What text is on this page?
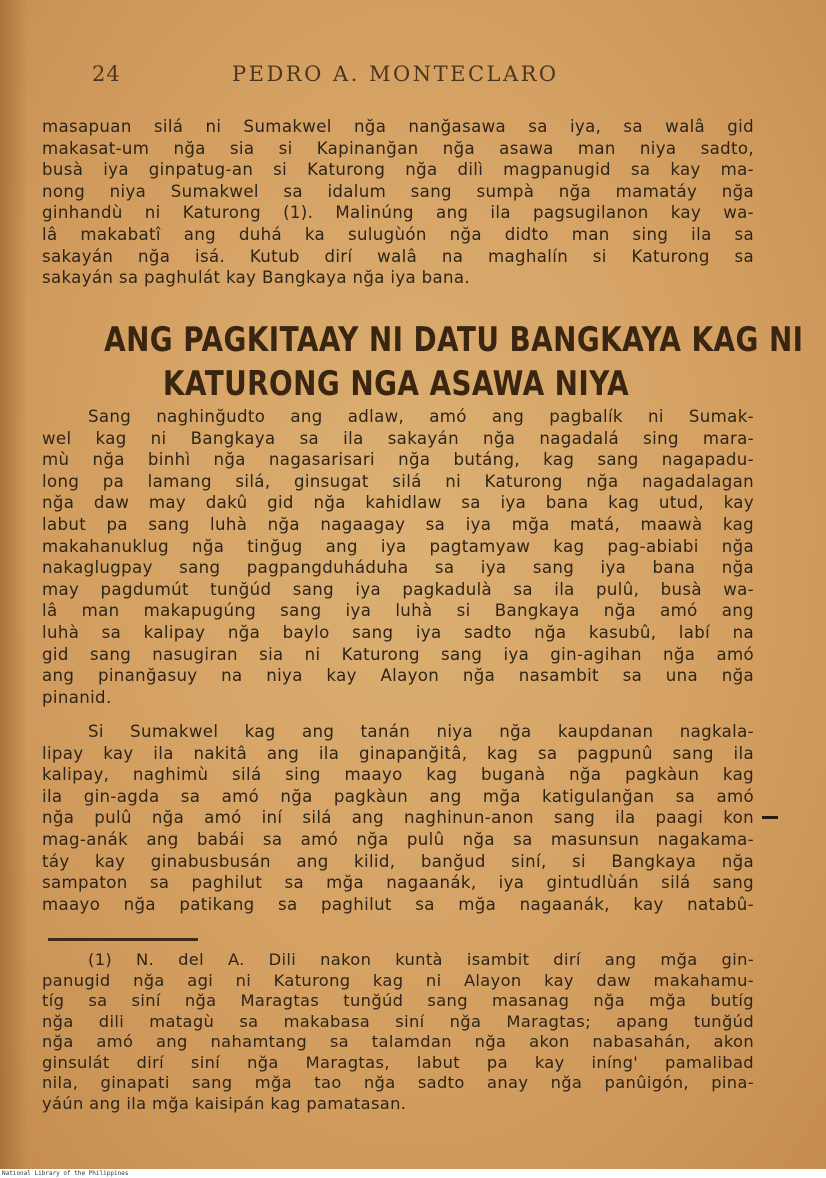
24	PEDRO A. MONTECLARO
masapuan silá ni Sumakwel nğa nanğasawa sa iya, sa walâ gid
makasat-um nğa sia si Kapinanğan nğa asawa man niya sadto,
busà iya ginpatug-an si Katurong nğa dilì magpanugid sa kay ma-
nong niya Sumakwel sa idalum sang sumpà nğa mamatáy nğa
ginhandù ni Katurong (1). Malinúng ang ila pagsugilanon kay wa-
lâ makabatî ang duhá ka sulugùón nğa didto man sing ila sa
sakayán nğa isá. Kutub dirí walâ na maghalín si Katurong sa
sakayán sa paghulát kay Bangkaya nğa iya bana.
ANG PAGKITAAY NI DATU BANGKAYA KAG NI
KATURONG NGA ASAWA NIYA
Sang naghinğudto ang adlaw, amó ang pagbalík ni Sumak-
wel kag ni Bangkaya sa ila sakayán nğa nagadalá sing mara-
mù nğa binhì nğa nagasarisari nğa butáng, kag sang nagapadu-
long pa lamang silá, ginsugat silá ni Katurong nğa nagadalagan
nğa daw may dakû gid nğa kahidlaw sa iya bana kag utud, kay
labut pa sang luhà nğa nagaagay sa iya mğa matá, maawà kag
makahanuklug nğa tinğug ang iya pagtamyaw kag pag-abiabi nğa
nakaglugpay sang pagpangduháduha sa iya sang iya bana nğa
may pagdumút tunğúd sang iya pagkadulà sa ila pulû, busà wa-
lâ man makapugúng sang iya luhà si Bangkaya nğa amó ang
luhà sa kalipay nğa baylo sang iya sadto nğa kasubû, labí na
gid sang nasugiran sia ni Katurong sang iya gin-agihan nğa amó
ang pinanğasuy na niya kay Alayon nğa nasambit sa una nğa
pinanid.
Si Sumakwel kag ang tanán niya nğa kaupdanan nagkala-
lipay kay ila nakitâ ang ila ginapanğitâ, kag sa pagpunû sang ila
kalipay, naghimù silá sing maayo kag buganà nğa pagkàun kag
ila gin-agda sa amó nğa pagkàun ang mğa katigulanğan sa amó
nğa pulû nğa amó iní silá ang naghinun-anon sang ila paagi kon
mag-anák ang babái sa amó nğa pulû nğa sa masunsun nagakama-
táy kay ginabusbusán ang kilid, banğud siní, si Bangkaya nğa
sampaton sa paghilut sa mğa nagaanák, iya gintudlùán silá sang
maayo nğa patikang sa paghilut sa mğa nagaanák, kay natabû-
(1) N. del A. Dili nakon kuntà isambit dirí ang mğa gin-
panugid nğa agi ni Katurong kag ni Alayon kay daw makahamu-
tíg sa siní nğa Maragtas tunğúd sang masanag nğa mğa butíg
nğa dili matagù sa makabasa siní nğa Maragtas; apang tunğúd
nğa amó ang nahamtang sa talamdan nğa akon nabasahán, akon
ginsulát dirí siní nğa Maragtas, labut pa kay iníng' pamalibad
nila, ginapati sang mğa tao nğa sadto anay nğa panûigón, pina-
yáún ang ila mğa kaisipán kag pamatasan.
National Library of the Philippines
